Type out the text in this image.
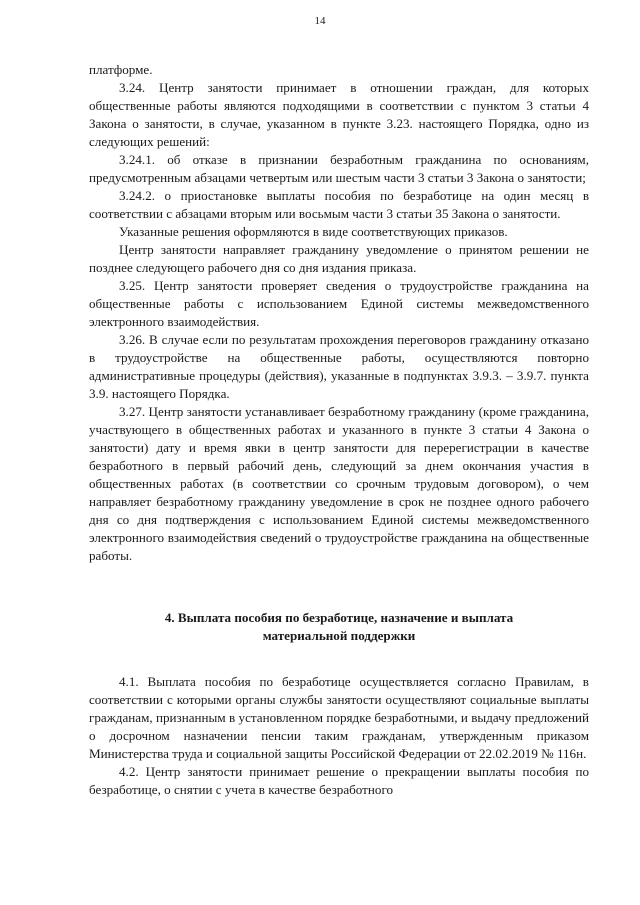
14

платформе.

3.24. Центр занятости принимает в отношении граждан, для которых общественные работы являются подходящими в соответствии с пунктом 3 статьи 4 Закона о занятости, в случае, указанном в пункте 3.23. настоящего Порядка, одно из следующих решений:

3.24.1. об отказе в признании безработным гражданина по основаниям, предусмотренным абзацами четвертым или шестым части 3 статьи 3 Закона о занятости;

3.24.2. о приостановке выплаты пособия по безработице на один месяц в соответствии с абзацами вторым или восьмым части 3 статьи 35 Закона о занятости.

Указанные решения оформляются в виде соответствующих приказов.

Центр занятости направляет гражданину уведомление о принятом решении не позднее следующего рабочего дня со дня издания приказа.

3.25. Центр занятости проверяет сведения о трудоустройстве гражданина на общественные работы с использованием Единой системы межведомственного электронного взаимодействия.

3.26. В случае если по результатам прохождения переговоров гражданину отказано в трудоустройстве на общественные работы, осуществляются повторно административные процедуры (действия), указанные в подпунктах 3.9.3. – 3.9.7. пункта 3.9. настоящего Порядка.

3.27. Центр занятости устанавливает безработному гражданину (кроме гражданина, участвующего в общественных работах и указанного в пункте 3 статьи 4 Закона о занятости) дату и время явки в центр занятости для перерегистрации в качестве безработного в первый рабочий день, следующий за днем окончания участия в общественных работах (в соответствии со срочным трудовым договором), о чем направляет безработному гражданину уведомление в срок не позднее одного рабочего дня со дня подтверждения с использованием Единой системы межведомственного электронного взаимодействия сведений о трудоустройстве гражданина на общественные работы.

4. Выплата пособия по безработице, назначение и выплата
материальной поддержки

4.1. Выплата пособия по безработице осуществляется согласно Правилам, в соответствии с которыми органы службы занятости осуществляют социальные выплаты гражданам, признанным в установленном порядке безработными, и выдачу предложений о досрочном назначении пенсии таким гражданам, утвержденным приказом Министерства труда и социальной защиты Российской Федерации от 22.02.2019 № 116н.

4.2. Центр занятости принимает решение о прекращении выплаты пособия по безработице, о снятии с учета в качестве безработного
